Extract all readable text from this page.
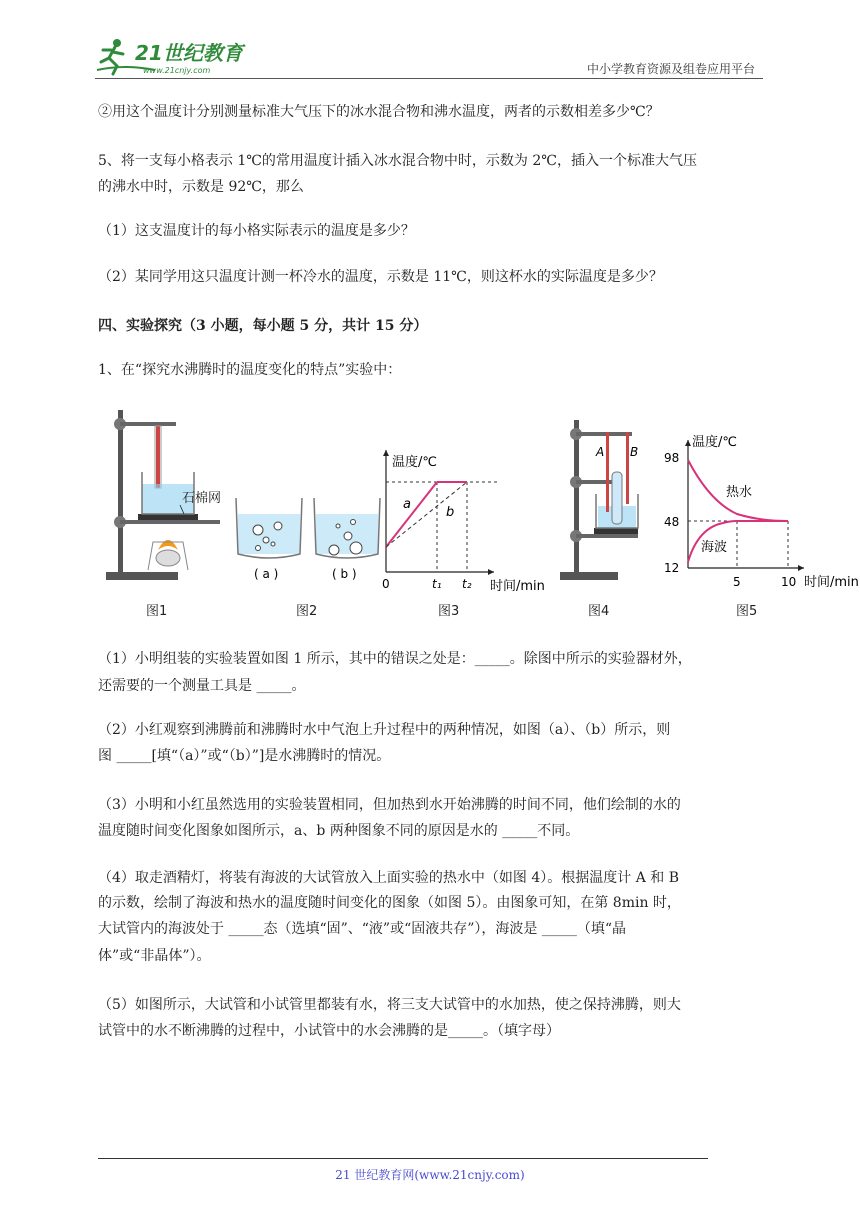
21世纪教育
www.21cnjy.com	中小学教育资源及组卷应用平台
②用这个温度计分别测量标准大气压下的冰水混合物和沸水温度，两者的示数相差多少℃？
5、将一支每小格表示 1℃的常用温度计插入冰水混合物中时，示数为 2℃，插入一个标准大气压
的沸水中时，示数是 92℃，那么
（1）这支温度计的每小格实际表示的温度是多少？
（2）某同学用这只温度计测一杯冷水的温度，示数是 11℃，则这杯水的实际温度是多少？
四、实验探究（3 小题，每小题 5 分，共计 15 分）
1、在“探究水沸腾时的温度变化的特点”实验中：
石棉网
( a )	( b )
温度/℃
时间/min
0	t₁ t₂
a
b
A B
温度/℃
98
48
12
5	10 时间/min
热水
海波
图1	图2	图3	图4	图5
（1）小明组装的实验装置如图 1 所示，其中的错误之处是：_____。除图中所示的实验器材外，
还需要的一个测量工具是 _____。
（2）小红观察到沸腾前和沸腾时水中气泡上升过程中的两种情况，如图（a）、（b）所示，则
图 _____[填“（a）”或“（b）”]是水沸腾时的情况。
（3）小明和小红虽然选用的实验装置相同，但加热到水开始沸腾的时间不同，他们绘制的水的
温度随时间变化图象如图所示，a、b 两种图象不同的原因是水的 _____不同。
（4）取走酒精灯，将装有海波的大试管放入上面实验的热水中（如图 4）。根据温度计 A 和 B
的示数，绘制了海波和热水的温度随时间变化的图象（如图 5）。由图象可知，在第 8min 时，
大试管内的海波处于 _____态（选填“固”、“液”或“固液共存”），海波是 _____（填“晶
体”或“非晶体”）。
（5）如图所示，大试管和小试管里都装有水，将三支大试管中的水加热，使之保持沸腾，则大
试管中的水不断沸腾的过程中，小试管中的水会沸腾的是_____。（填字母）
21 世纪教育网(www.21cnjy.com)
